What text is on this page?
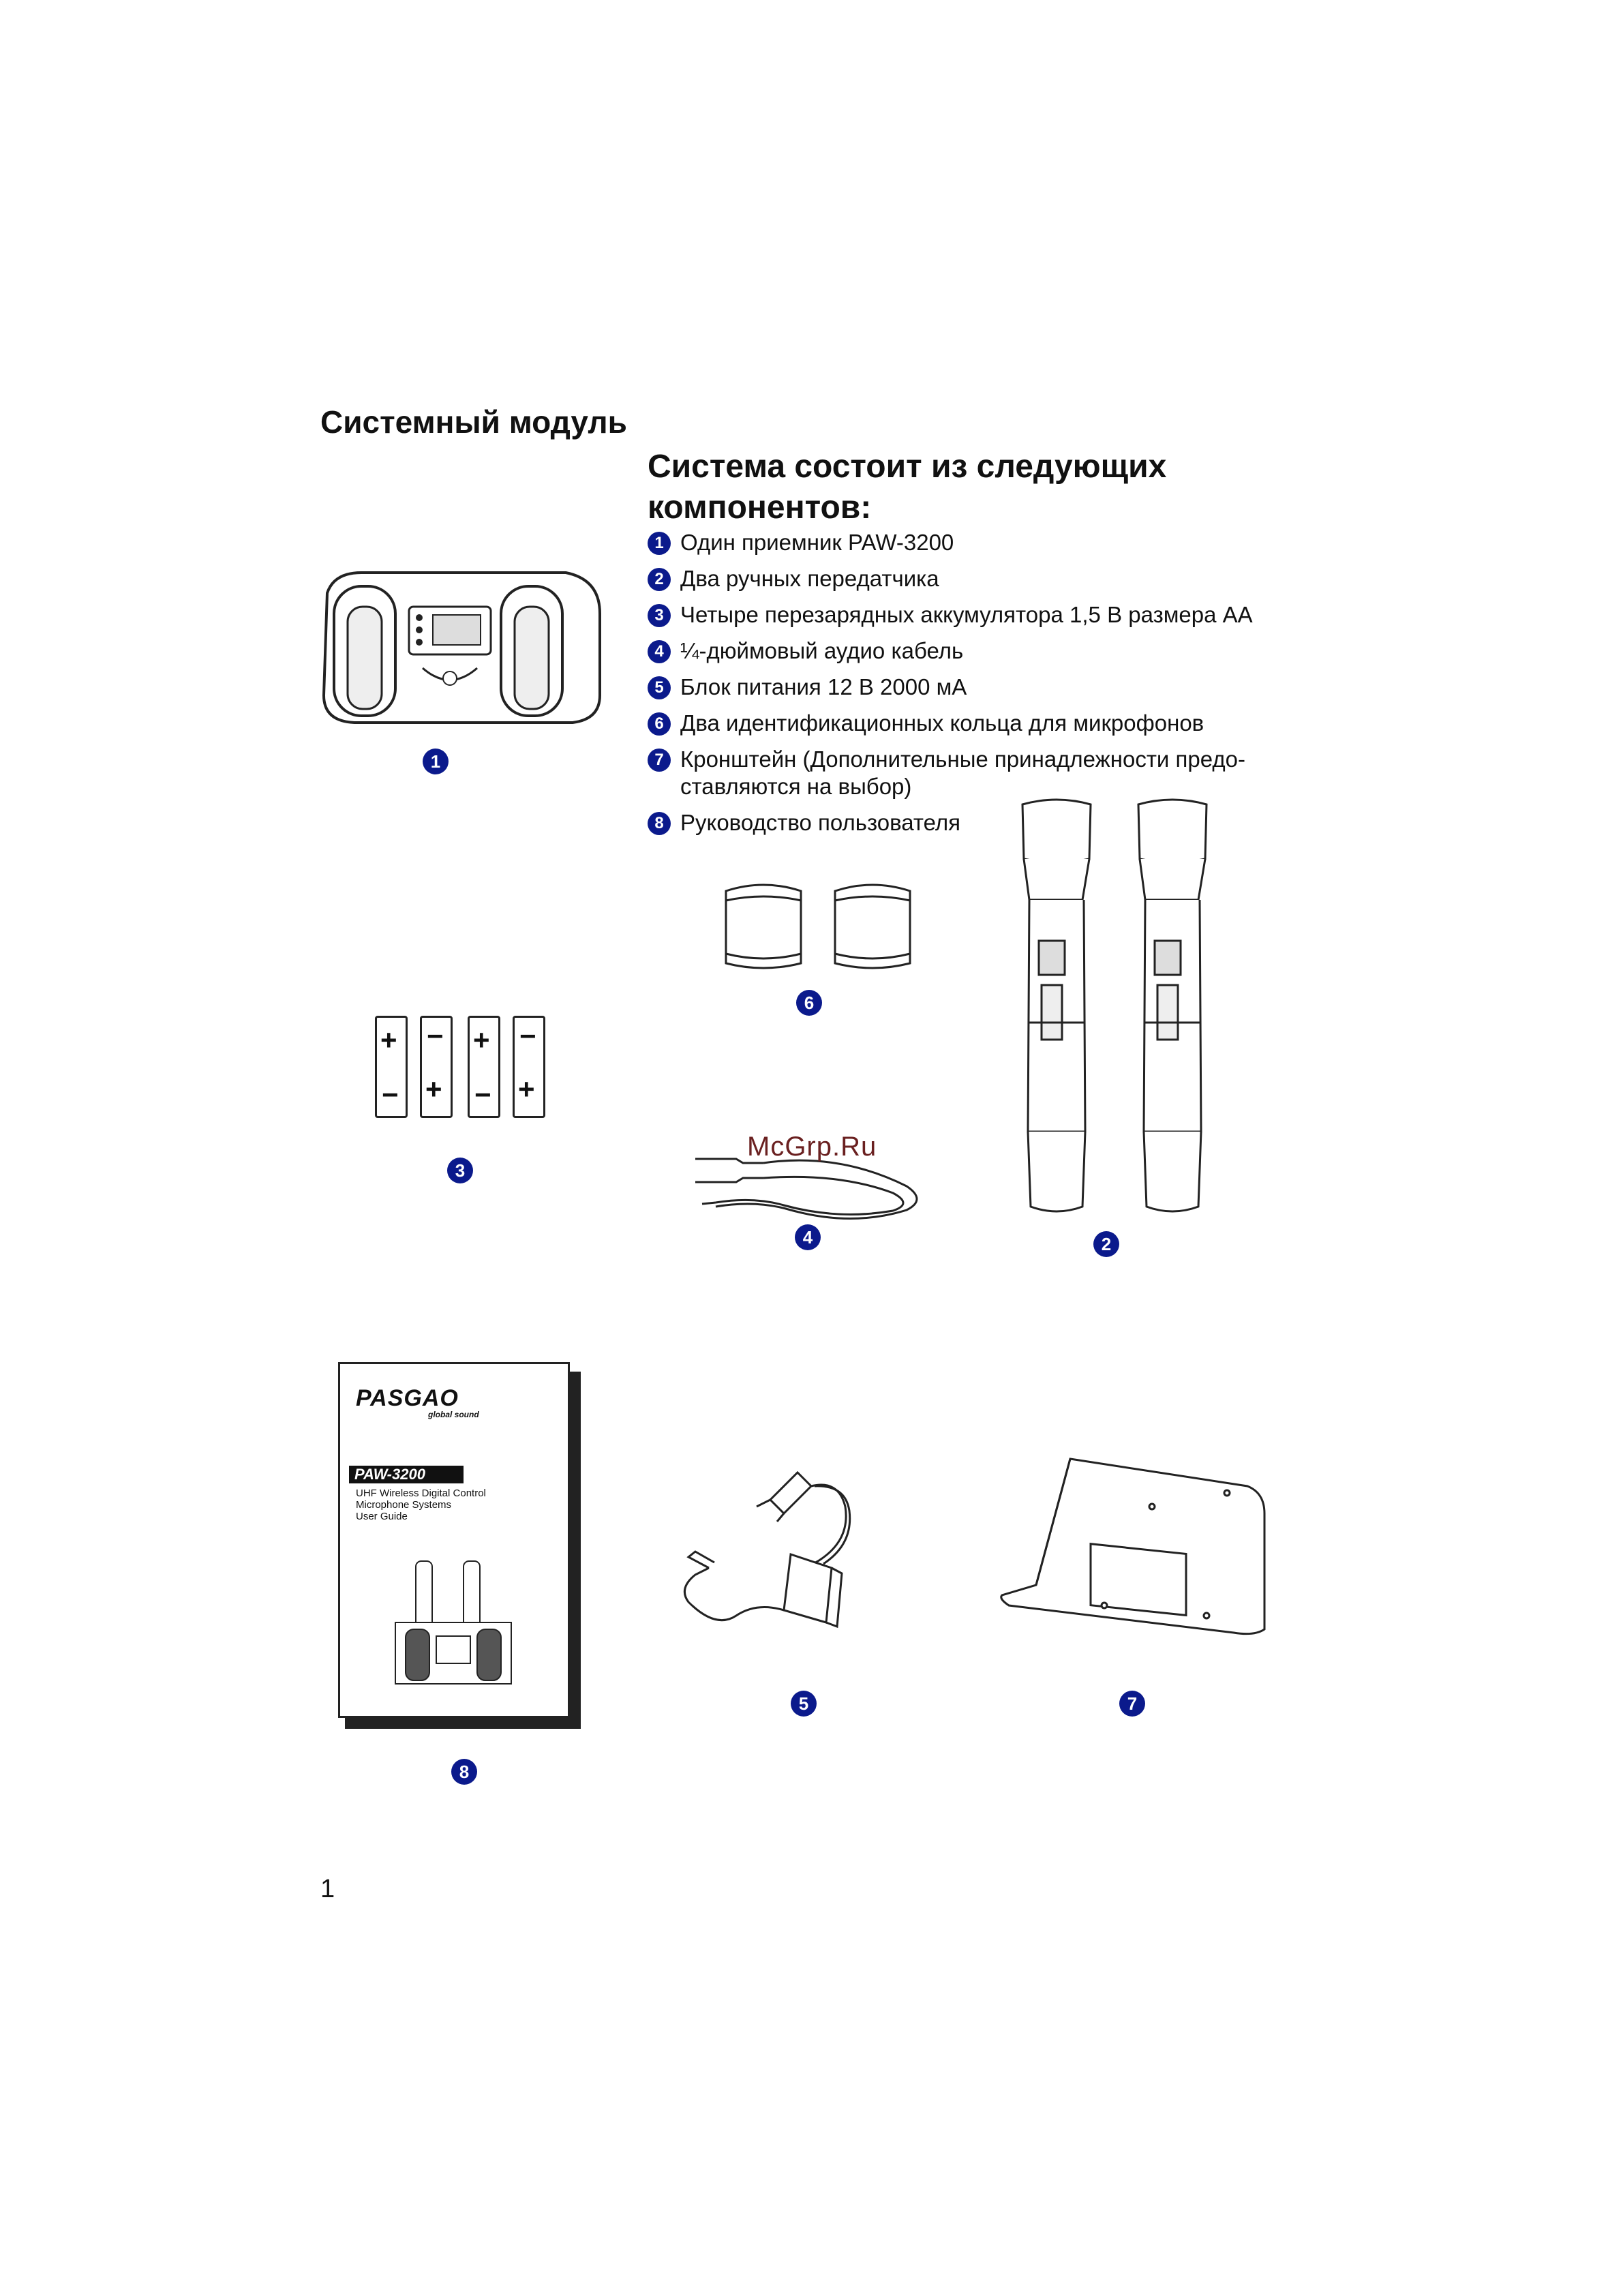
Системный модуль
Система состоит из следующих компонентов:
1 Один приемник PAW-3200
2 Два ручных передатчика
3 Четыре перезарядных аккумулятора 1,5 В размера АА
4 ¼-дюймовый аудио кабель
5 Блок питания 12 В 2000 мА
6 Два идентификационных кольца для микрофонов
7 Кронштейн (Дополнительные принадлежности предо-ставляются на выбор)
8 Руководство пользователя
1
6
2
+
−
−
+
+
−
−
+
3
4
PASGAO
global sound
PAW-3200
UHF Wireless Digital Control
Microphone Systems
User Guide
8
5	7
McGrp.Ru
1
